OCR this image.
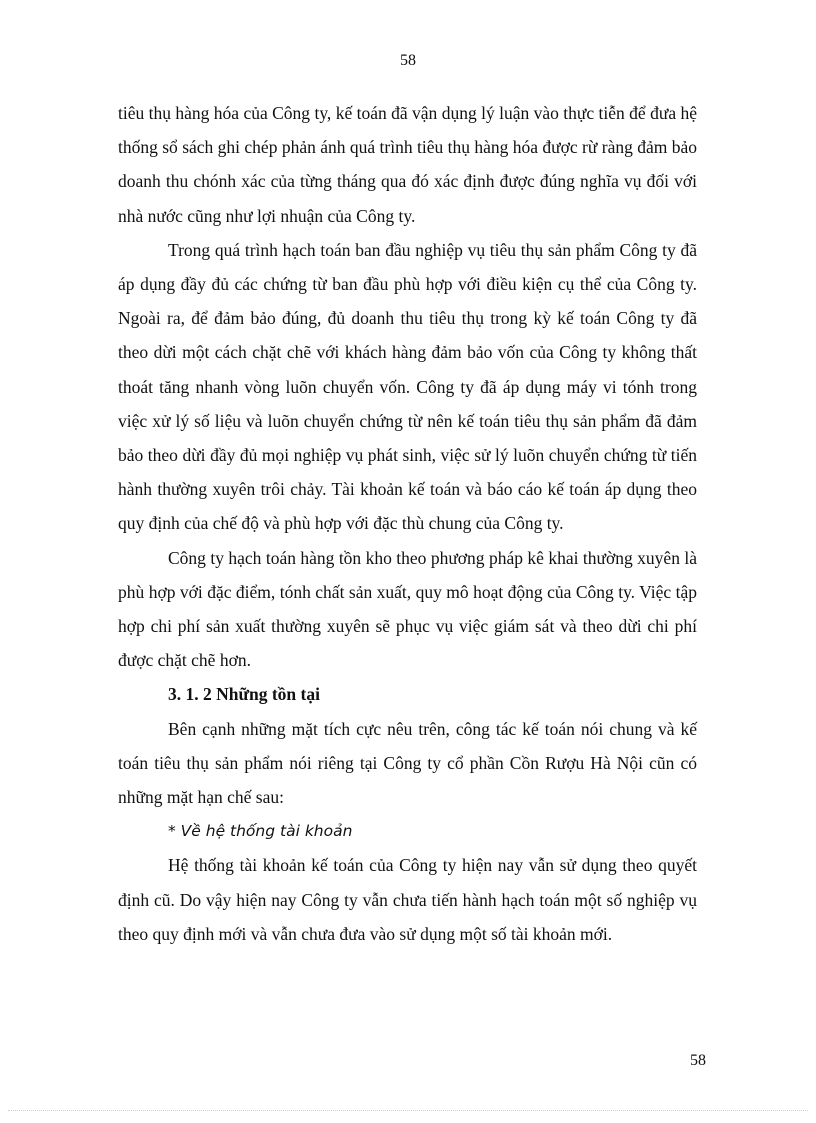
58

tiêu thụ hàng hóa của Công ty, kế toán đã vận dụng lý luận vào thực tiễn để đưa hệ thống sổ sách ghi chép phản ánh quá trình tiêu thụ hàng hóa được rừ ràng đảm bảo doanh thu chónh xác của từng tháng qua đó xác định được đúng nghĩa vụ đối với nhà nước cũng như lợi nhuận của Công ty.

Trong quá trình hạch toán ban đầu nghiệp vụ tiêu thụ sản phẩm Công ty đã áp dụng đầy đủ các chứng từ ban đầu phù hợp với điều kiện cụ thể của Công ty. Ngoài ra, để đảm bảo đúng, đủ doanh thu tiêu thụ trong kỳ kế toán Công ty đã theo dừi một cách chặt chẽ với khách hàng đảm bảo vốn của Công ty không thất thoát tăng nhanh vòng luõn chuyển vốn. Công ty đã áp dụng máy vi tónh trong việc xử lý số liệu và luõn chuyển chứng từ nên kế toán tiêu thụ sản phẩm đã đảm bảo theo dừi đầy đủ mọi nghiệp vụ phát sinh, việc sử lý luõn chuyển chứng từ tiến hành thường xuyên trôi chảy. Tài khoản kế toán và báo cáo kế toán áp dụng theo quy định của chế độ và phù hợp với đặc thù chung của Công ty.

Công ty hạch toán hàng tồn kho theo phương pháp kê khai thường xuyên là phù hợp với đặc điểm, tónh chất sản xuất, quy mô hoạt động của Công ty. Việc tập hợp chi phí sản xuất thường xuyên sẽ phục vụ việc giám sát và theo dừi chi phí được chặt chẽ hơn.

3. 1. 2 Những tồn tại

Bên cạnh những mặt tích cực nêu trên, công tác kế toán nói chung và kế toán tiêu thụ sản phẩm nói riêng tại Công ty cổ phần Cồn Rượu Hà Nội cũn có những mặt hạn chế sau:

* Về hệ thống tài khoản

Hệ thống tài khoản kế toán của Công ty hiện nay vẫn sử dụng theo quyết định cũ. Do vậy hiện nay Công ty vẫn chưa tiến hành hạch toán một số nghiệp vụ theo quy định mới và vẫn chưa đưa vào sử dụng một số tài khoản mới.

58
